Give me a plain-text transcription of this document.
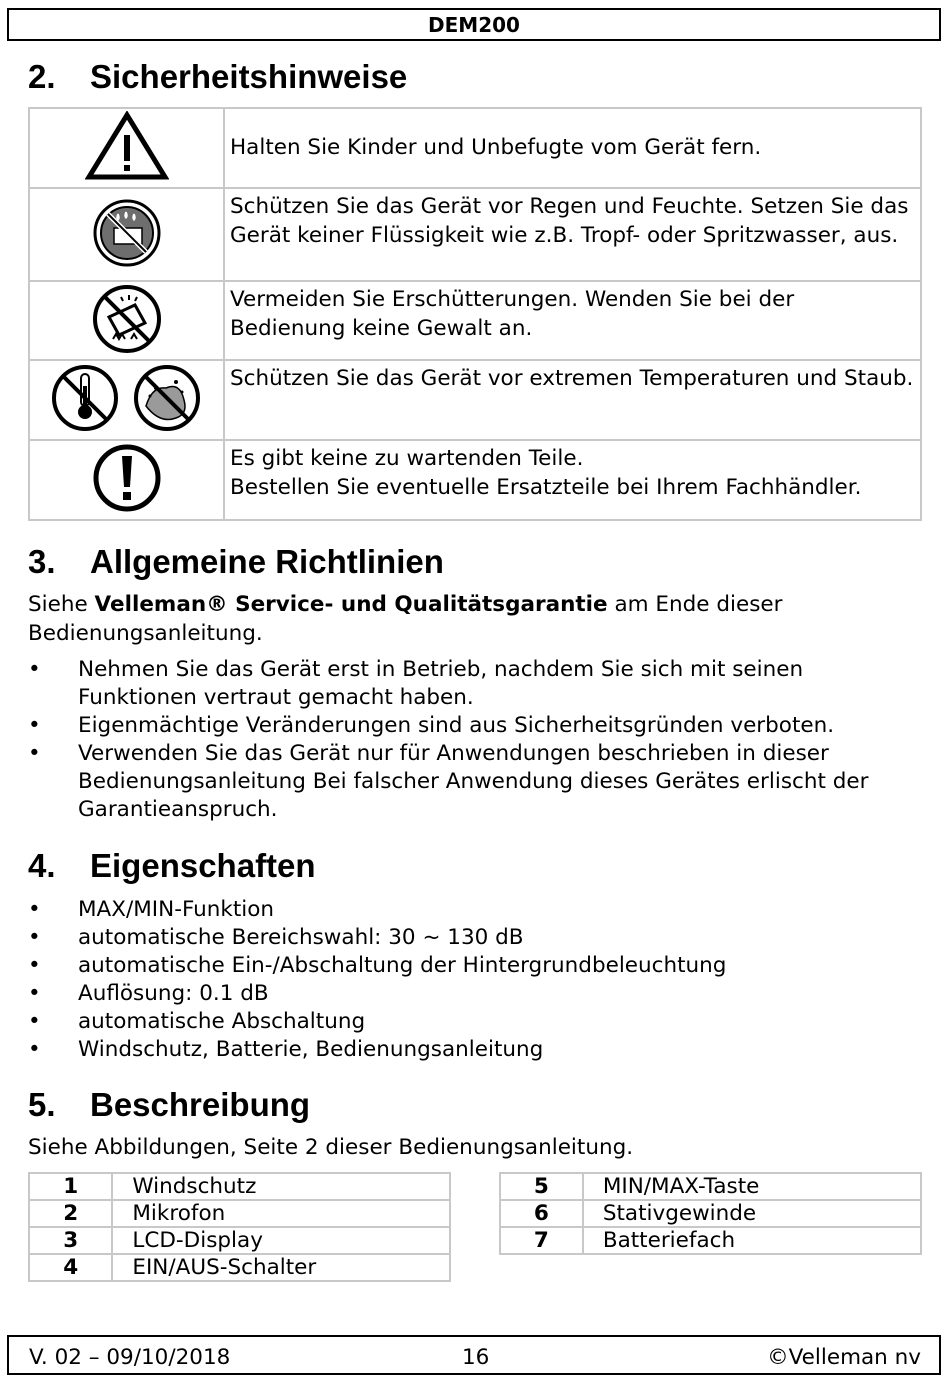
DEM200
2. Sicherheitshinweise
	Halten Sie Kinder und Unbefugte vom Gerät fern.
	Schützen Sie das Gerät vor Regen und Feuchte. Setzen Sie das Gerät keiner Flüssigkeit wie z.B. Tropf- oder Spritzwasser, aus.
	Vermeiden Sie Erschütterungen. Wenden Sie bei der Bedienung keine Gewalt an.
	Schützen Sie das Gerät vor extremen Temperaturen und Staub.
	Es gibt keine zu wartenden Teile.
Bestellen Sie eventuelle Ersatzteile bei Ihrem Fachhändler.
3. Allgemeine Richtlinien
Siehe Velleman® Service- und Qualitätsgarantie am Ende dieser Bedienungsanleitung.
• Nehmen Sie das Gerät erst in Betrieb, nachdem Sie sich mit seinen Funktionen vertraut gemacht haben.
• Eigenmächtige Veränderungen sind aus Sicherheitsgründen verboten.
• Verwenden Sie das Gerät nur für Anwendungen beschrieben in dieser Bedienungsanleitung Bei falscher Anwendung dieses Gerätes erlischt der Garantieanspruch.
4. Eigenschaften
• MAX/MIN-Funktion
• automatische Bereichswahl: 30 ~ 130 dB
• automatische Ein-/Abschaltung der Hintergrundbeleuchtung
• Auflösung: 0.1 dB
• automatische Abschaltung
• Windschutz, Batterie, Bedienungsanleitung
5. Beschreibung
Siehe Abbildungen, Seite 2 dieser Bedienungsanleitung.
1	Windschutz
2	Mikrofon
3	LCD-Display
4	EIN/AUS-Schalter
5	MIN/MAX-Taste
6	Stativgewinde
7	Batteriefach
V. 02 – 09/10/2018	16	©Velleman nv
